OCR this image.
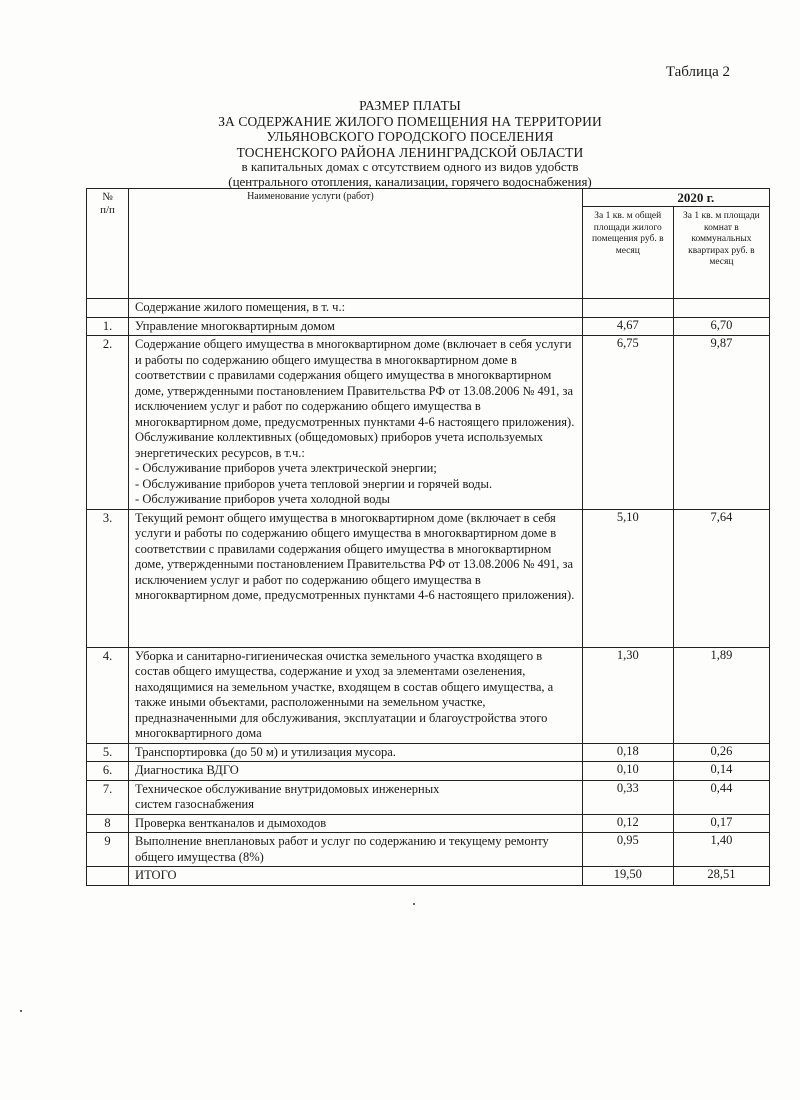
Таблица 2
РАЗМЕР ПЛАТЫ
ЗА СОДЕРЖАНИЕ ЖИЛОГО ПОМЕЩЕНИЯ НА ТЕРРИТОРИИ
УЛЬЯНОВСКОГО ГОРОДСКОГО ПОСЕЛЕНИЯ
ТОСНЕНСКОГО РАЙОНА ЛЕНИНГРАДСКОЙ ОБЛАСТИ
в капитальных домах с отсутствием одного из видов удобств
(центрального отопления, канализации, горячего водоснабжения)
№
п/п	Наименование услуги (работ)	2020 г.	
		За 1 кв. м общей площади жилого помещения руб. в месяц	За 1 кв. м площади комнат в коммунальных квартирах руб. в месяц
	Содержание жилого помещения, в т. ч.:		
1.	Управление многоквартирным домом	4,67	6,70
2.	Содержание общего имущества в многоквартирном доме (включает в себя услуги и работы по содержанию общего имущества в многоквартирном доме в соответствии с правилами содержания общего имущества в многоквартирном доме, утвержденными постановлением Правительства РФ от 13.08.2006 № 491, за исключением услуг и работ по содержанию общего имущества в многоквартирном доме, предусмотренных пунктами 4-6 настоящего приложения).
Обслуживание коллективных (общедомовых) приборов учета используемых энергетических ресурсов, в т.ч.:
- Обслуживание приборов учета электрической энергии;
- Обслуживание приборов учета тепловой энергии и горячей воды.
- Обслуживание приборов учета холодной воды	6,75	9,87
3.	Текущий ремонт общего имущества в многоквартирном доме (включает в себя услуги и работы по содержанию общего имущества в многоквартирном доме в соответствии с правилами содержания общего имущества в многоквартирном доме, утвержденными постановлением Правительства РФ от 13.08.2006 № 491, за исключением услуг и работ по содержанию общего имущества в многоквартирном доме, предусмотренных пунктами 4-6 настоящего приложения).	5,10	7,64
4.	Уборка и санитарно-гигиеническая очистка земельного участка входящего в состав общего имущества, содержание и уход за элементами озеленения, находящимися на земельном участке, входящем в состав общего имущества, а также иными объектами, расположенными на земельном участке, предназначенными для обслуживания, эксплуатации и благоустройства этого многоквартирного дома	1,30	1,89
5.	Транспортировка (до 50 м) и утилизация мусора.	0,18	0,26
6.	Диагностика ВДГО	0,10	0,14
7.	Техническое обслуживание внутридомовых инженерных систем газоснабжения	0,33	0,44
8	Проверка вентканалов и дымоходов	0,12	0,17
9	Выполнение внеплановых работ и услуг по содержанию и текущему ремонту общего имущества (8%)	0,95	1,40
	ИТОГО	19,50	28,51
